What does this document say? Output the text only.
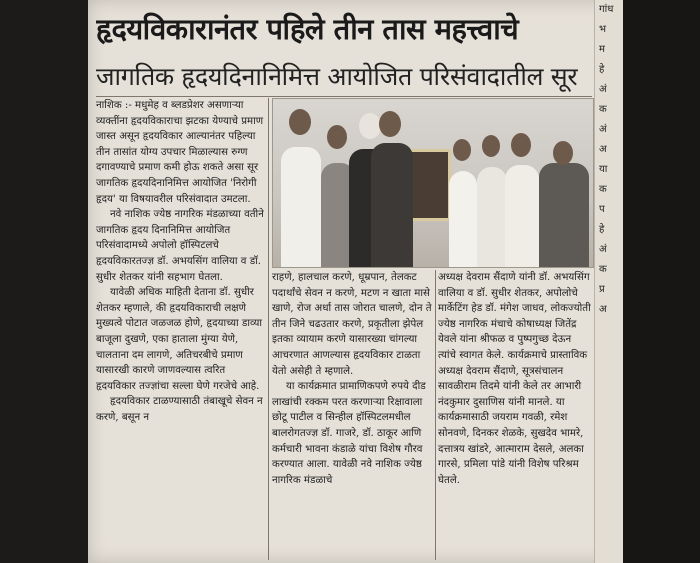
हृदयविकारानंतर पहिले तीन तास महत्त्वाचे
जागतिक हृदयदिनानिमित्त आयोजित परिसंवादातील सूर

नाशिक :- मधुमेह व ब्लडप्रेशर असणाऱ्या व्यक्तींना हृदयविकाराचा झटका येण्याचे प्रमाण जास्त असून हृदयविकार आल्यानंतर पहिल्या तीन तासांत योग्य उपचार मिळाल्यास रुग्ण दगावण्याचे प्रमाण कमी होऊ शकते असा सूर जागतिक हृदयदिनानिमित्त आयोजित 'निरोगी हृदय' या विषयावरील परिसंवादात उमटला.

नवे नाशिक ज्येष्ठ नागरिक मंडळाच्या वतीने जागतिक हृदय दिनानिमित्त आयोजित परिसंवादामध्ये अपोलो हॉस्पिटलचे हृदयविकारतज्ज्ञ डॉ. अभयसिंग वालिया व डॉ. सुधीर शेतकर यांनी सहभाग घेतला.

यावेळी अधिक माहिती देताना डॉ. सुधीर शेतकर म्हणाले, की हृदयविकाराची लक्षणे मुख्यत्वे पोटात जळजळ होणे, हृदयाच्या डाव्या बाजूला दुखणे, एका हाताला मुंग्या येणे, चालताना दम लागणे, अतिचरबीचे प्रमाण यासारखी कारणे जाणवल्यास त्वरित हृदयविकार तज्ज्ञांचा सल्ला घेणे गरजेचे आहे.

हृदयविकार टाळण्यासाठी तंबाखूचे सेवन न करणे, बसून न

राहणे, हालचाल करणे, धूम्रपान, तेलकट पदार्थांचे सेवन न करणे, मटण न खाता मासे खाणे, रोज अर्धा तास जोरात चालणे, दोन ते तीन जिने चढउतार करणे, प्रकृतीला झेपेल इतका व्यायाम करणे यासारख्या चांगल्या आचरणात आणल्यास हृदयविकार टाळता येतो असेही ते म्हणाले.

या कार्यक्रमात प्रामाणिकपणे रुपये दीड लाखांची रक्कम परत करणाऱ्या रिक्षावाला छोटू पाटील व सिन्हील हॉस्पिटलमधील बालरोगतज्ज्ञ डॉ. गाजरे, डॉ. ठाकूर आणि कर्मचारी भावना कंडाळे यांचा विशेष गौरव करण्यात आला. यावेळी नवे नाशिक ज्येष्ठ नागरिक मंडळाचे

अध्यक्ष देवराम सैंदाणे यांनी डॉ. अभयसिंग वालिया व डॉ. सुधीर शेतकर, अपोलोचे मार्केटिंग हेड डॉ. मंगेश जाधव, लोकज्योती ज्येष्ठ नागरिक मंचाचे कोषाध्यक्ष जितेंद्र येवले यांना श्रीफळ व पुष्पगुच्छ देऊन त्यांचे स्वागत केले. कार्यक्रमाचे प्रास्ताविक अध्यक्ष देवराम सैंदाणे, सूत्रसंचालन सावळीराम तिदमे यांनी केले तर आभारी नंदकुमार दुसाणिस यांनी मानले. या कार्यक्रमासाठी जयराम गवळी, रमेश सोनवणे, दिनकर शेळके, सुखदेव भामरे, दत्तात्रय खांडरे, आत्माराम देसले, अलका गारसे, प्रमिला पांडे यांनी विशेष परिश्रम घेतले.

गांध
भ
म
हे
अं
क
अं
अ
या
क
प
हे
अं
क
प्र
अ
